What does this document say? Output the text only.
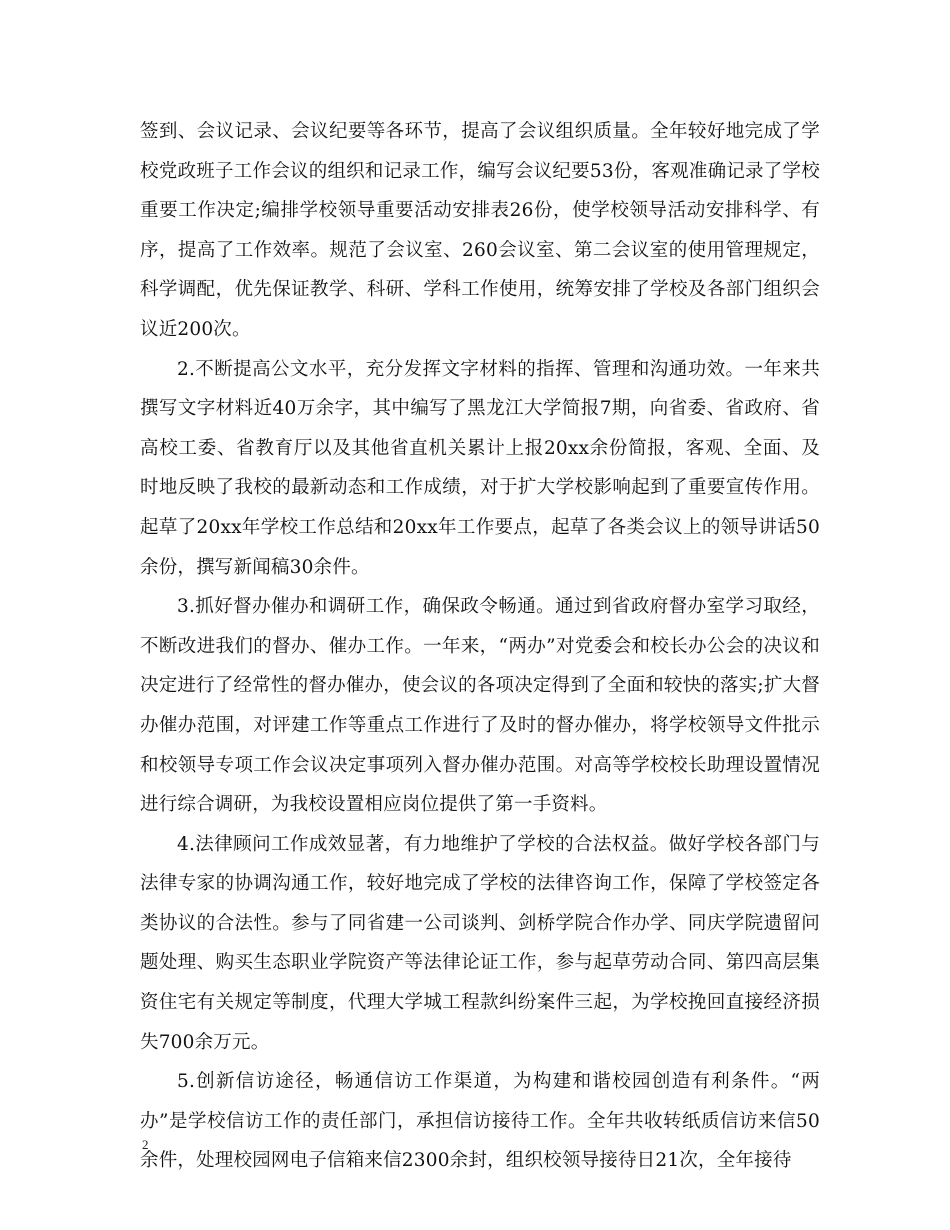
签到、会议记录、会议纪要等各环节，提高了会议组织质量。全年较好地完成了学校党政班子工作会议的组织和记录工作，编写会议纪要53份，客观准确记录了学校重要工作决定;编排学校领导重要活动安排表26份，使学校领导活动安排科学、有序，提高了工作效率。规范了会议室、260会议室、第二会议室的使用管理规定，科学调配，优先保证教学、科研、学科工作使用，统筹安排了学校及各部门组织会议近200次。

2.不断提高公文水平，充分发挥文字材料的指挥、管理和沟通功效。一年来共撰写文字材料近40万余字，其中编写了黑龙江大学简报7期，向省委、省政府、省高校工委、省教育厅以及其他省直机关累计上报20xx余份简报，客观、全面、及时地反映了我校的最新动态和工作成绩，对于扩大学校影响起到了重要宣传作用。起草了20xx年学校工作总结和20xx年工作要点，起草了各类会议上的领导讲话50余份，撰写新闻稿30余件。

3.抓好督办催办和调研工作，确保政令畅通。通过到省政府督办室学习取经，不断改进我们的督办、催办工作。一年来，“两办”对党委会和校长办公会的决议和决定进行了经常性的督办催办，使会议的各项决定得到了全面和较快的落实;扩大督办催办范围，对评建工作等重点工作进行了及时的督办催办，将学校领导文件批示和校领导专项工作会议决定事项列入督办催办范围。对高等学校校长助理设置情况进行综合调研，为我校设置相应岗位提供了第一手资料。

4.法律顾问工作成效显著，有力地维护了学校的合法权益。做好学校各部门与法律专家的协调沟通工作，较好地完成了学校的法律咨询工作，保障了学校签定各类协议的合法性。参与了同省建一公司谈判、剑桥学院合作办学、同庆学院遗留问题处理、购买生态职业学院资产等法律论证工作，参与起草劳动合同、第四高层集资住宅有关规定等制度，代理大学城工程款纠纷案件三起，为学校挽回直接经济损失700余万元。

5.创新信访途径，畅通信访工作渠道，为构建和谐校园创造有利条件。“两办”是学校信访工作的责任部门，承担信访接待工作。全年共收转纸质信访来信50余件，处理校园网电子信箱来信2300余封，组织校领导接待日21次，全年接待

2
